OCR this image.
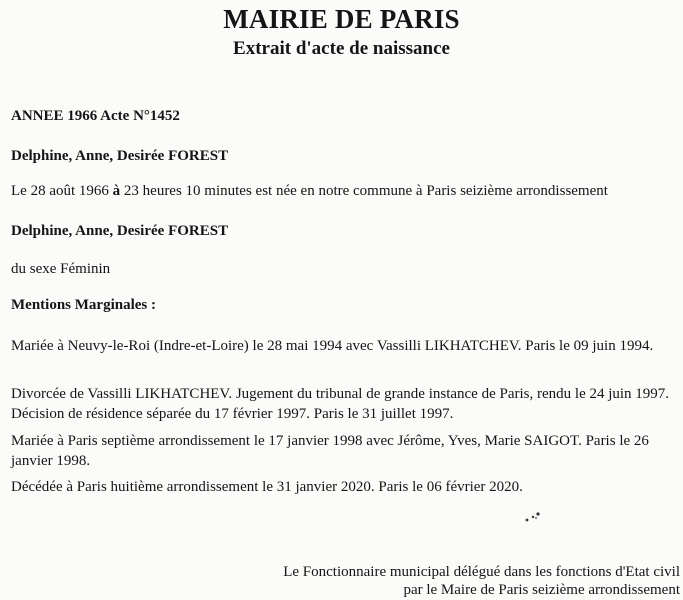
MAIRIE DE PARIS
Extrait d'acte de naissance
ANNEE 1966 Acte N°1452
Delphine, Anne, Desirée FOREST
Le 28 août 1966 à 23 heures 10 minutes est née en notre commune à Paris seizième arrondissement
Delphine, Anne, Desirée FOREST
du sexe Féminin
Mentions Marginales :
Mariée à Neuvy-le-Roi (Indre-et-Loire) le 28 mai 1994 avec Vassilli LIKHATCHEV. Paris le 09 juin 1994.
Divorcée de Vassilli LIKHATCHEV. Jugement du tribunal de grande instance de Paris, rendu le 24 juin 1997. Décision de résidence séparée du 17 février 1997. Paris le 31 juillet 1997.
Mariée à Paris septième arrondissement le 17 janvier 1998 avec Jérôme, Yves, Marie SAIGOT. Paris le 26 janvier 1998.
Décédée à Paris huitième arrondissement le 31 janvier 2020. Paris le 06 février 2020.
Le Fonctionnaire municipal délégué dans les fonctions d'Etat civil
par le Maire de Paris seizième arrondissement
